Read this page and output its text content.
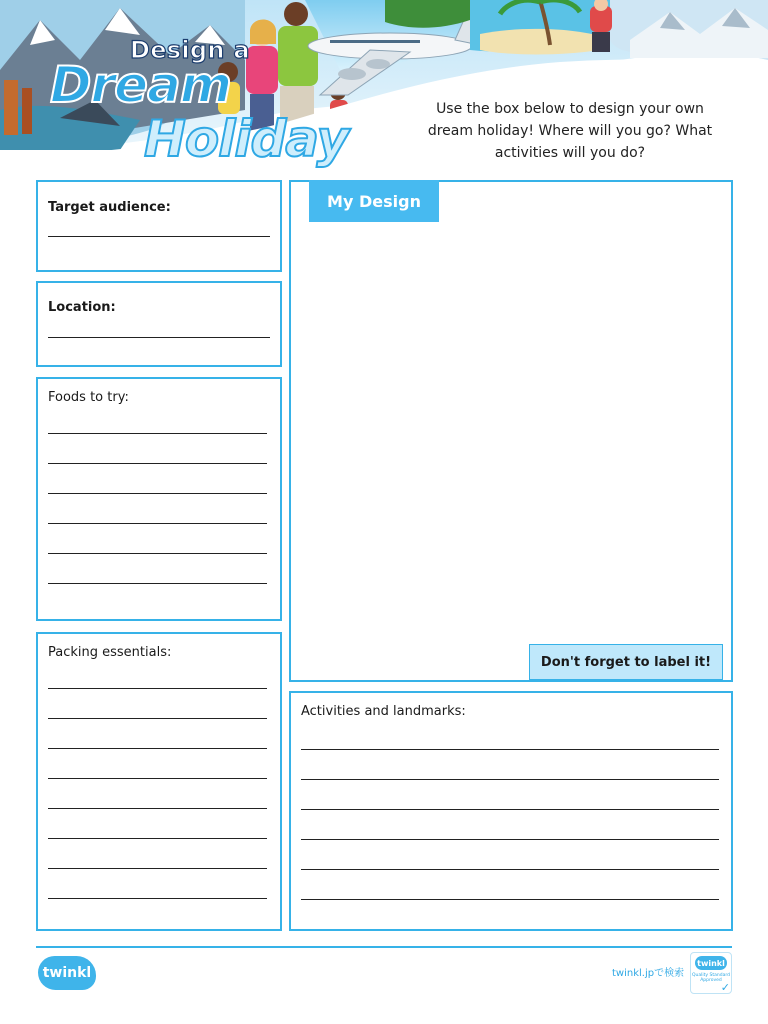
Design a
Dream
Holiday
Use the box below to design your own dream holiday! Where will you go? What activities will you do?
Target audience:
Location:
Foods to try:
Packing essentials:
My Design
Don't forget to label it!
Activities and landmarks:
twinkl	twinkl.jpで検索
twinkl
Quality Standard Approved
✓
